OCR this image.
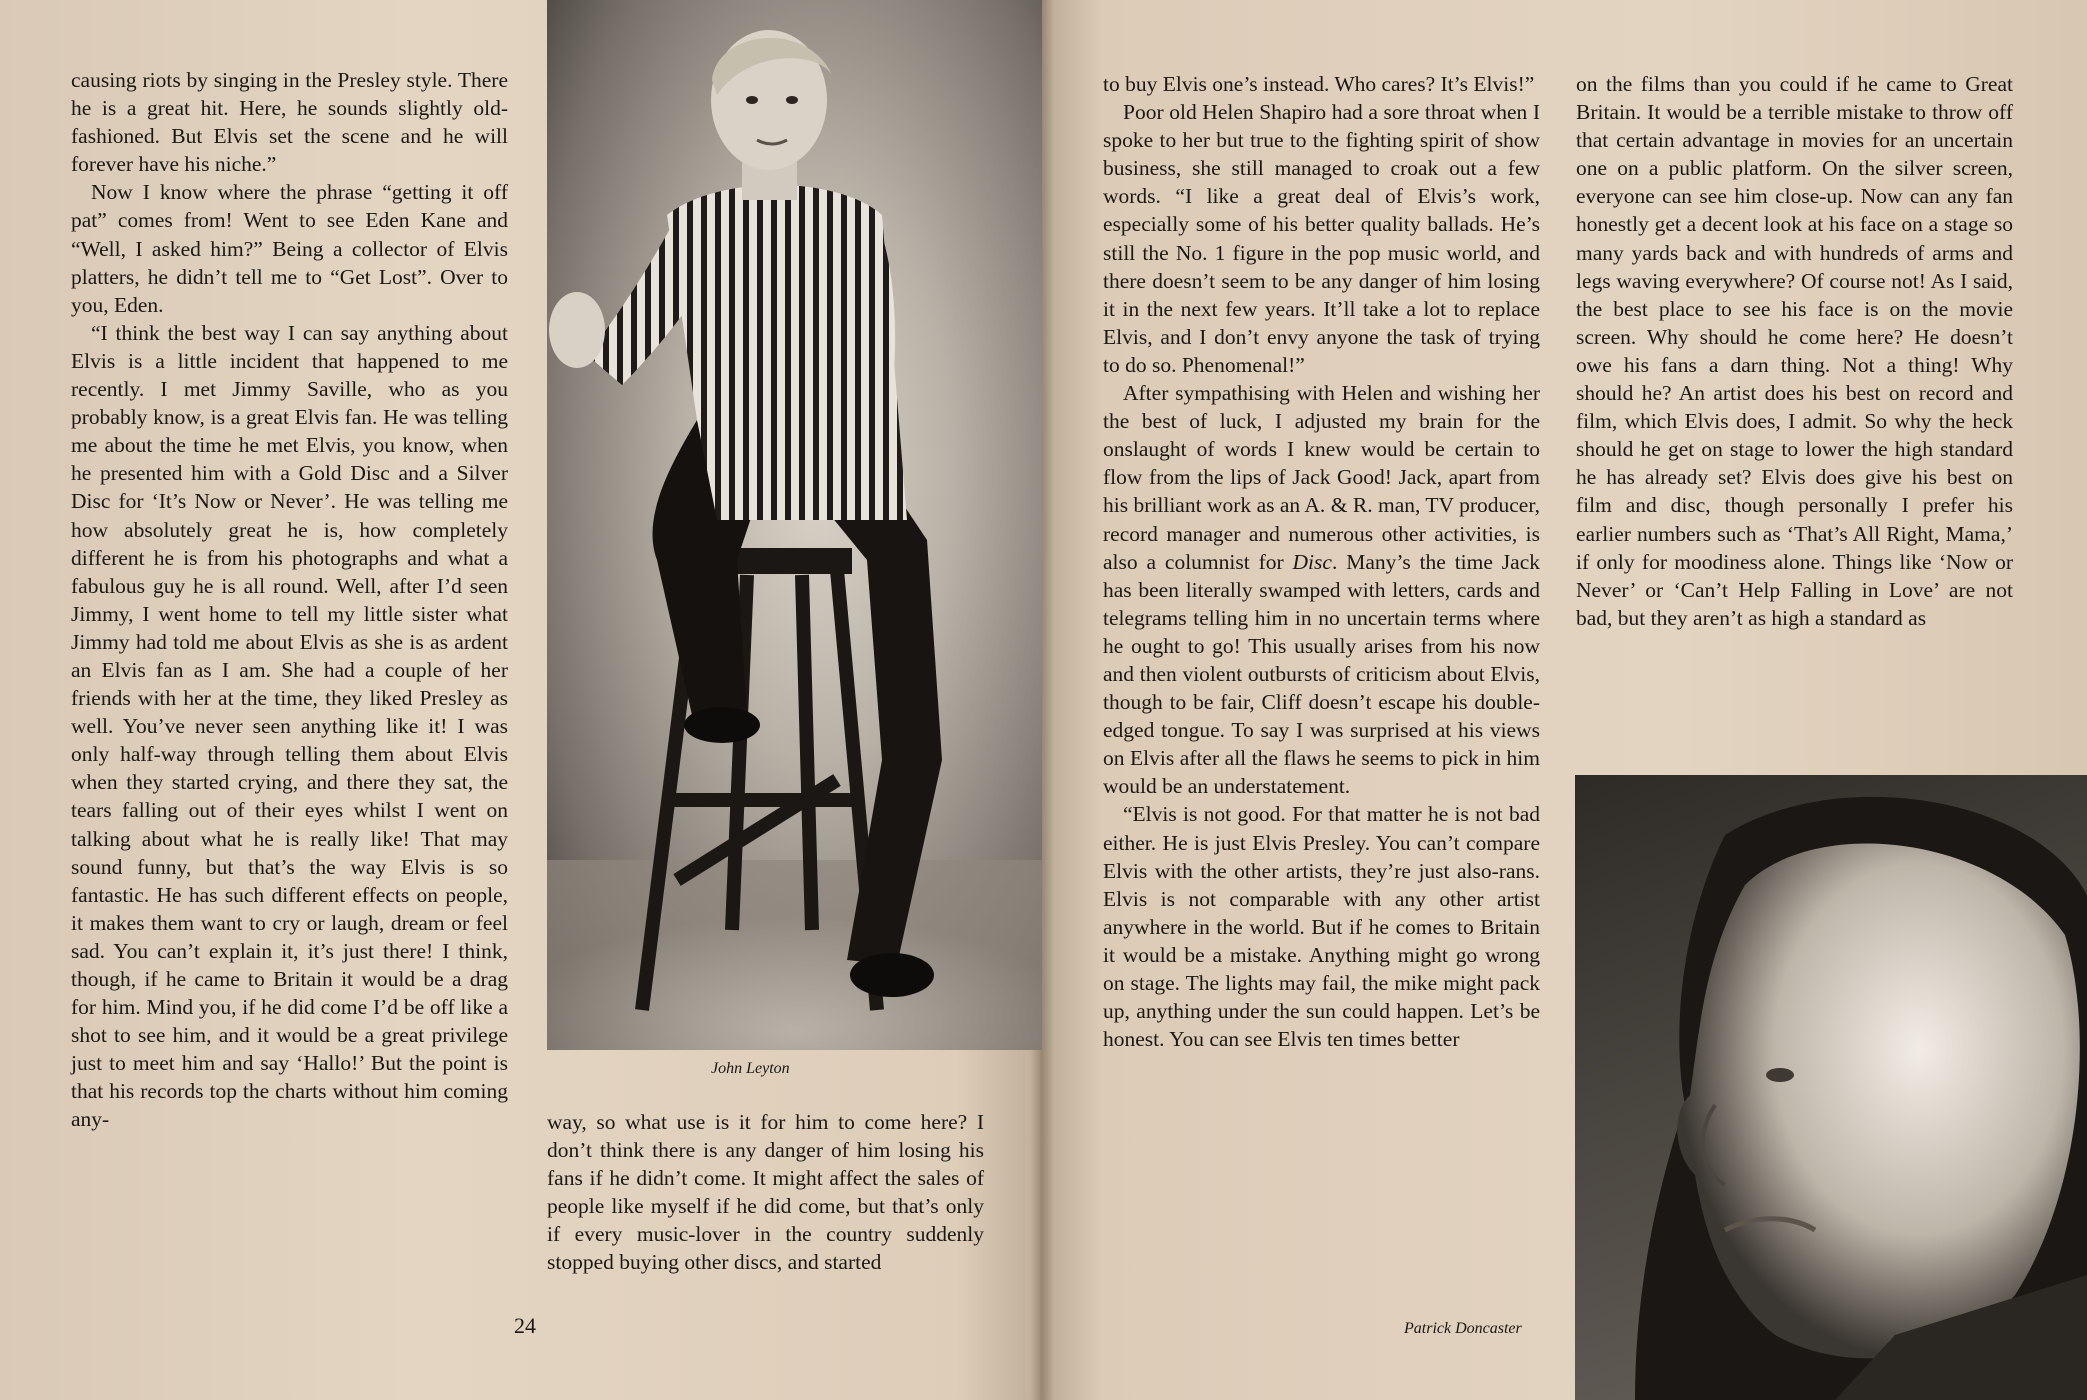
causing riots by singing in the Presley style. There he is a great hit. Here, he sounds slightly old-fashioned. But Elvis set the scene and he will forever have his niche.”

Now I know where the phrase “getting it off pat” comes from! Went to see Eden Kane and “Well, I asked him?” Being a collector of Elvis platters, he didn’t tell me to “Get Lost”. Over to you, Eden.

“I think the best way I can say anything about Elvis is a little incident that happened to me recently. I met Jimmy Saville, who as you probably know, is a great Elvis fan. He was telling me about the time he met Elvis, you know, when he presented him with a Gold Disc and a Silver Disc for ‘It’s Now or Never’. He was telling me how absolutely great he is, how completely different he is from his photographs and what a fabulous guy he is all round. Well, after I’d seen Jimmy, I went home to tell my little sister what Jimmy had told me about Elvis as she is as ardent an Elvis fan as I am. She had a couple of her friends with her at the time, they liked Presley as well. You’ve never seen anything like it! I was only half-way through telling them about Elvis when they started crying, and there they sat, the tears falling out of their eyes whilst I went on talking about what he is really like! That may sound funny, but that’s the way Elvis is so fantastic. He has such different effects on people, it makes them want to cry or laugh, dream or feel sad. You can’t explain it, it’s just there! I think, though, if he came to Britain it would be a drag for him. Mind you, if he did come I’d be off like a shot to see him, and it would be a great privilege just to meet him and say ‘Hallo!’ But the point is that his records top the charts without him coming any-

John Leyton

way, so what use is it for him to come here? I don’t think there is any danger of him losing his fans if he didn’t come. It might affect the sales of people like myself if he did come, but that’s only if every music-lover in the country suddenly stopped buying other discs, and started

24

to buy Elvis one’s instead. Who cares? It’s Elvis!”

Poor old Helen Shapiro had a sore throat when I spoke to her but true to the fighting spirit of show business, she still managed to croak out a few words. “I like a great deal of Elvis’s work, especially some of his better quality ballads. He’s still the No. 1 figure in the pop music world, and there doesn’t seem to be any danger of him losing it in the next few years. It’ll take a lot to replace Elvis, and I don’t envy anyone the task of trying to do so. Phenomenal!”

After sympathising with Helen and wishing her the best of luck, I adjusted my brain for the onslaught of words I knew would be certain to flow from the lips of Jack Good! Jack, apart from his brilliant work as an A. & R. man, TV producer, record manager and numerous other activities, is also a columnist for Disc. Many’s the time Jack has been literally swamped with letters, cards and telegrams telling him in no uncertain terms where he ought to go! This usually arises from his now and then violent outbursts of criticism about Elvis, though to be fair, Cliff doesn’t escape his double-edged tongue. To say I was surprised at his views on Elvis after all the flaws he seems to pick in him would be an understatement.

“Elvis is not good. For that matter he is not bad either. He is just Elvis Presley. You can’t compare Elvis with the other artists, they’re just also-rans. Elvis is not comparable with any other artist anywhere in the world. But if he comes to Britain it would be a mistake. Anything might go wrong on stage. The lights may fail, the mike might pack up, anything under the sun could happen. Let’s be honest. You can see Elvis ten times better

on the films than you could if he came to Great Britain. It would be a terrible mistake to throw off that certain advantage in movies for an uncertain one on a public platform. On the silver screen, everyone can see him close-up. Now can any fan honestly get a decent look at his face on a stage so many yards back and with hundreds of arms and legs waving everywhere? Of course not! As I said, the best place to see his face is on the movie screen. Why should he come here? He doesn’t owe his fans a darn thing. Not a thing! Why should he? An artist does his best on record and film, which Elvis does, I admit. So why the heck should he get on stage to lower the high standard he has already set? Elvis does give his best on film and disc, though personally I prefer his earlier numbers such as ‘That’s All Right, Mama,’ if only for moodiness alone. Things like ‘Now or Never’ or ‘Can’t Help Falling in Love’ are not bad, but they aren’t as high a standard as

Patrick Doncaster
